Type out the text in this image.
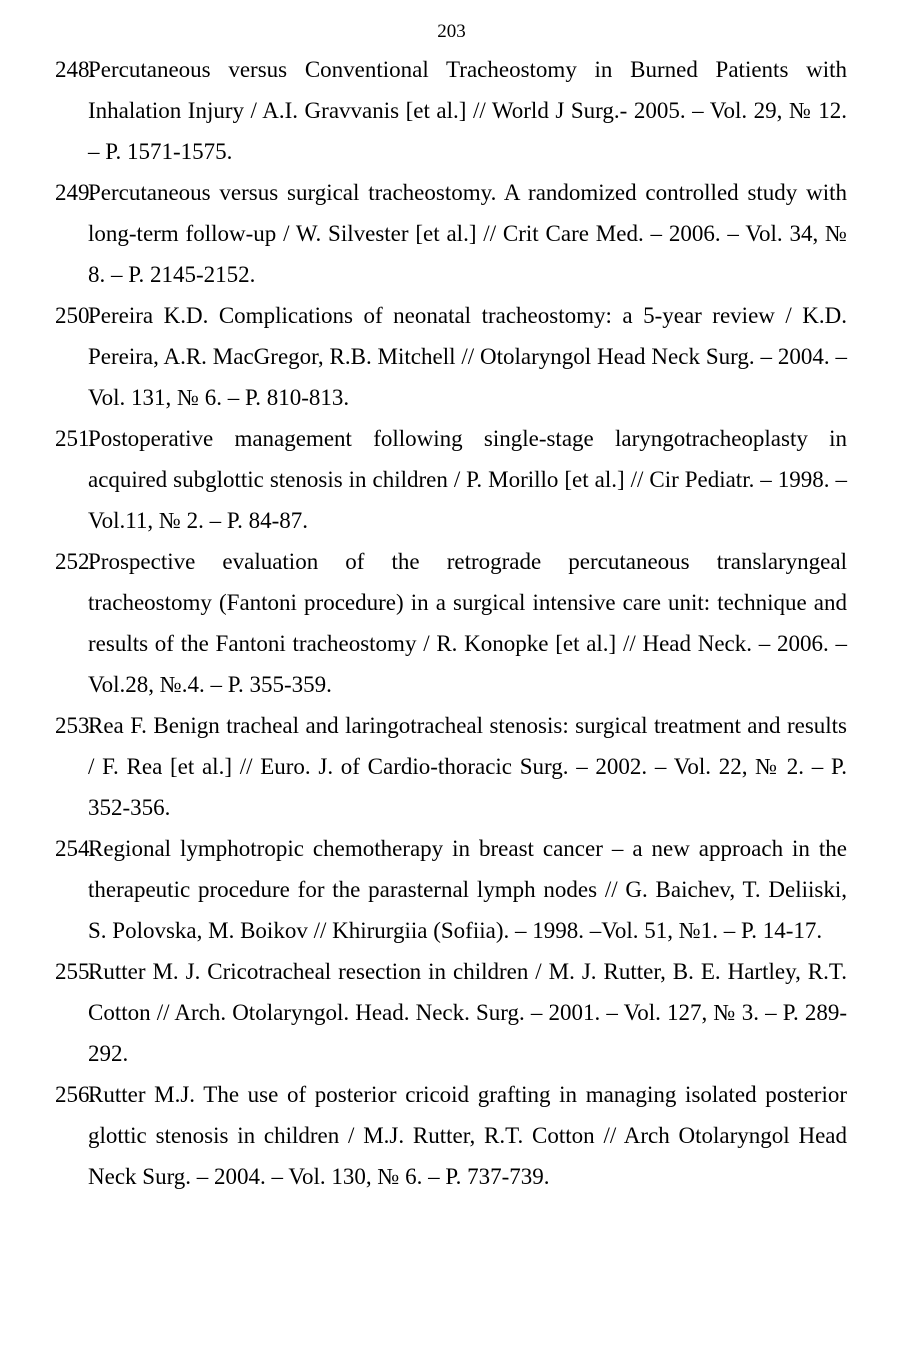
203
248.
Percutaneous versus Conventional Tracheostomy in Burned Patients with Inhalation Injury / A.I. Gravvanis [et al.] // World J Surg.- 2005. – Vol. 29, № 12. – P. 1571-1575.
249.
Percutaneous versus surgical tracheostomy. A randomized controlled study with long-term follow-up / W. Silvester [et al.] // Crit Care Med. – 2006. – Vol. 34, № 8. – P. 2145-2152.
250.
Pereira K.D. Complications of neonatal tracheostomy: a 5-year review / K.D. Pereira, A.R. MacGregor, R.B. Mitchell // Otolaryngol Head Neck Surg. – 2004. – Vol. 131, № 6. – P. 810-813.
251.
Postoperative management following single-stage laryngotracheoplasty in acquired subglottic stenosis in children / P. Morillo [et al.] // Cir Pediatr. – 1998. – Vol.11, № 2. – P. 84-87.
252.
Prospective evaluation of the retrograde percutaneous translaryngeal tracheostomy (Fantoni procedure) in a surgical intensive care unit: technique and results of the Fantoni tracheostomy / R. Konopke [et al.] // Head Neck. – 2006. – Vol.28, №.4. – P. 355-359.
253.
Rea F. Benign tracheal and laringotracheal stenosis: surgical treatment and results / F. Rea [et al.] // Euro. J. of Cardio-thoracic Surg. – 2002. – Vol. 22, № 2. – P. 352-356.
254.
Regional lymphotropic chemotherapy in breast cancer – a new approach in the therapeutic procedure for the parasternal lymph nodes // G. Baichev, T. Deliiski, S. Polovska, M. Boikov // Khirurgiia (Sofiia). – 1998. –Vol. 51, №1. – P. 14-17.
255.
Rutter M. J. Cricotracheal resection in children / M. J. Rutter, B. E. Hartley, R.T. Cotton // Arch. Otolaryngol. Head. Neck. Surg. – 2001. – Vol. 127, № 3. – P. 289-292.
256.
Rutter M.J. The use of posterior cricoid grafting in managing isolated posterior glottic stenosis in children / M.J. Rutter, R.T. Cotton // Arch Otolaryngol Head Neck Surg. – 2004. – Vol. 130, № 6. – P. 737-739.
